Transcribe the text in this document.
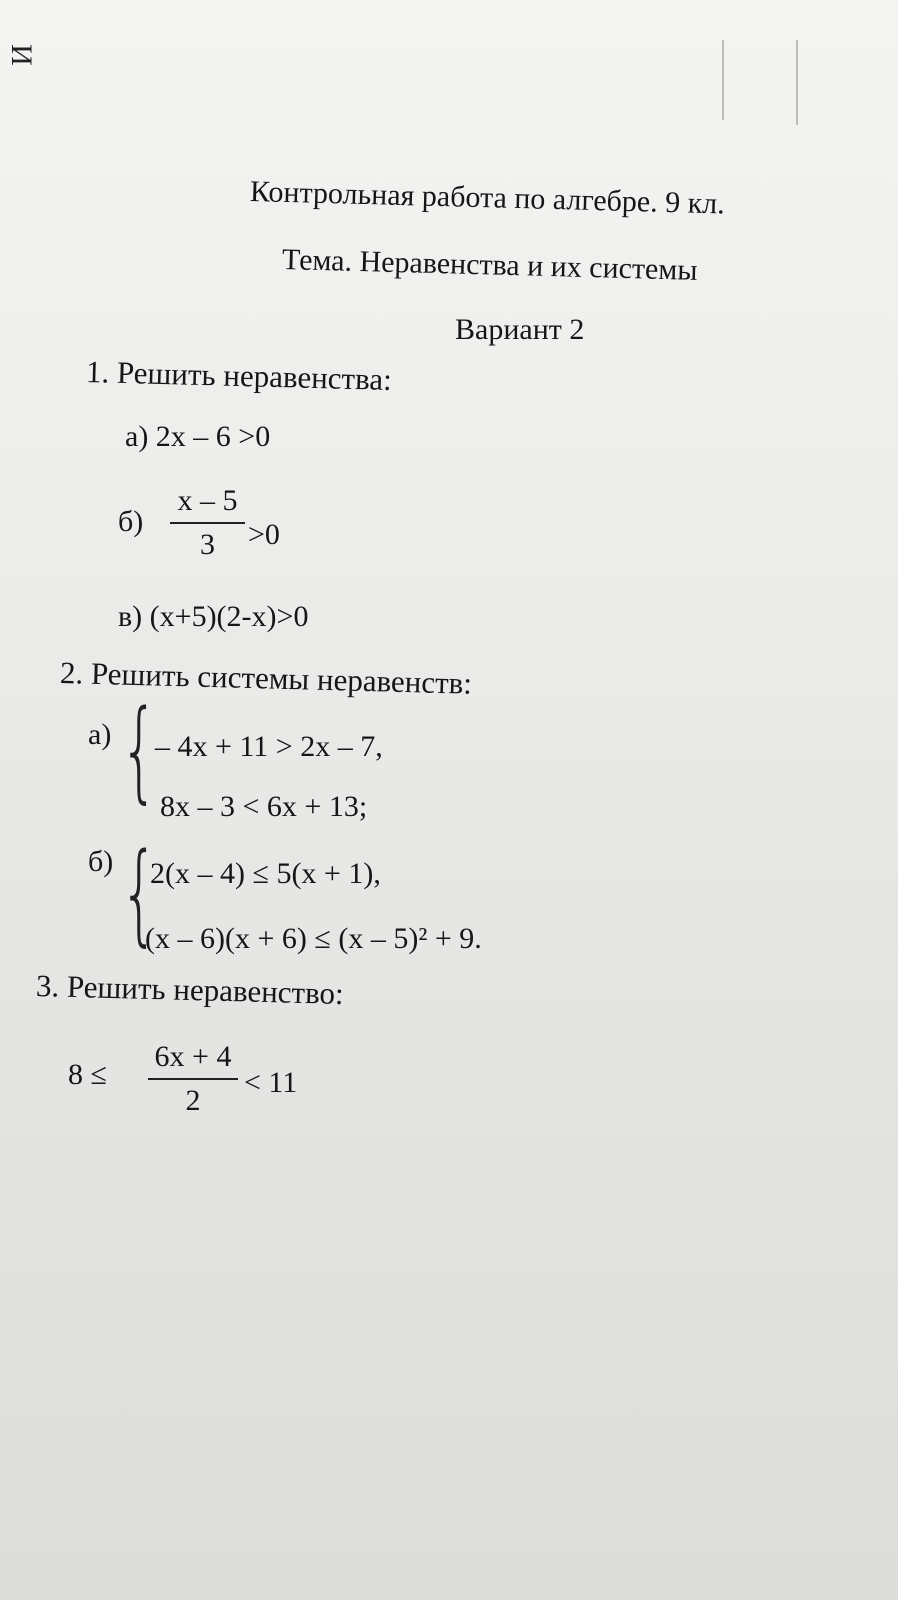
И
Контрольная работа по алгебре. 9 кл.
Тема. Неравенства и их системы
Вариант 2
1. Решить неравенства:
а) 2x – 6 >0
б)
x – 5
3	>0
в) (x+5)(2-x)>0
2. Решить системы неравенств:
а) {
– 4x + 11 > 2x – 7,
8x – 3 < 6x + 13;
б) {
2(x – 4) ≤ 5(x + 1),
(x – 6)(x + 6) ≤ (x – 5)² + 9.
3. Решить неравенство:
8 ≤
6x + 4
2
< 11
